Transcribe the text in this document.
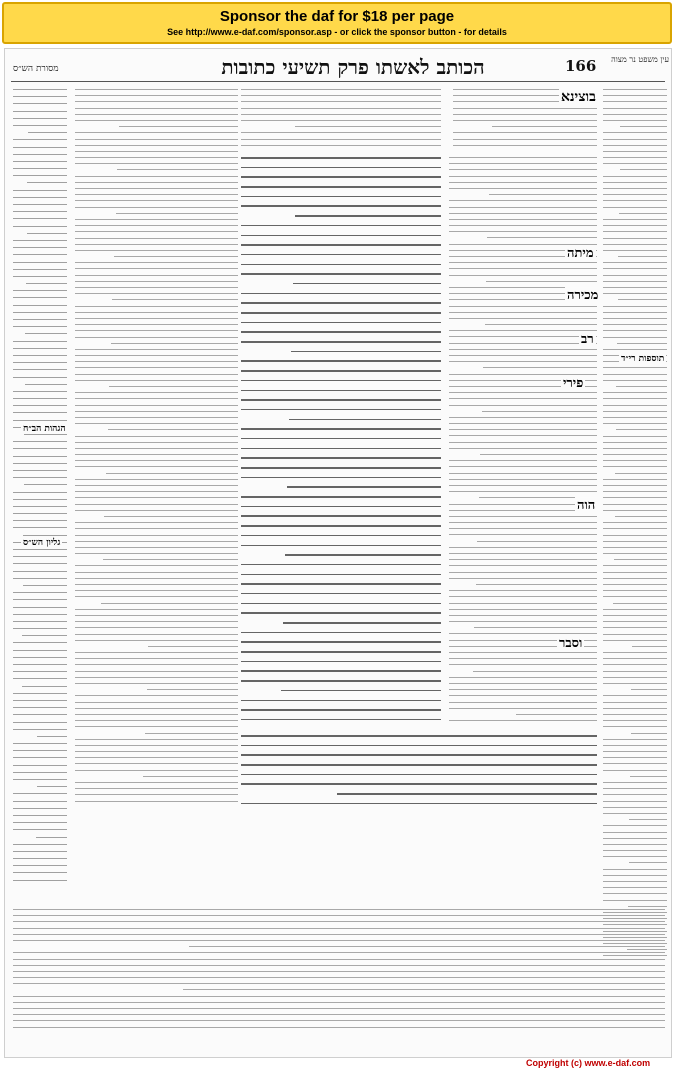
Sponsor the daf for $18 per page
See http://www.e-daf.com/sponsor.asp - or click the sponsor button - for details
166
הכותב לאשתו פרק תשיעי כתובות
מסורת הש״ס
עין משפט נר מצוה
בוצינא
מיתה
מכירה
רב
פירי
הוה
וסבר
תוספות רי״ד
הגהות הב״ח
גליון הש״ס
Copyright (c) www.e-daf.com
